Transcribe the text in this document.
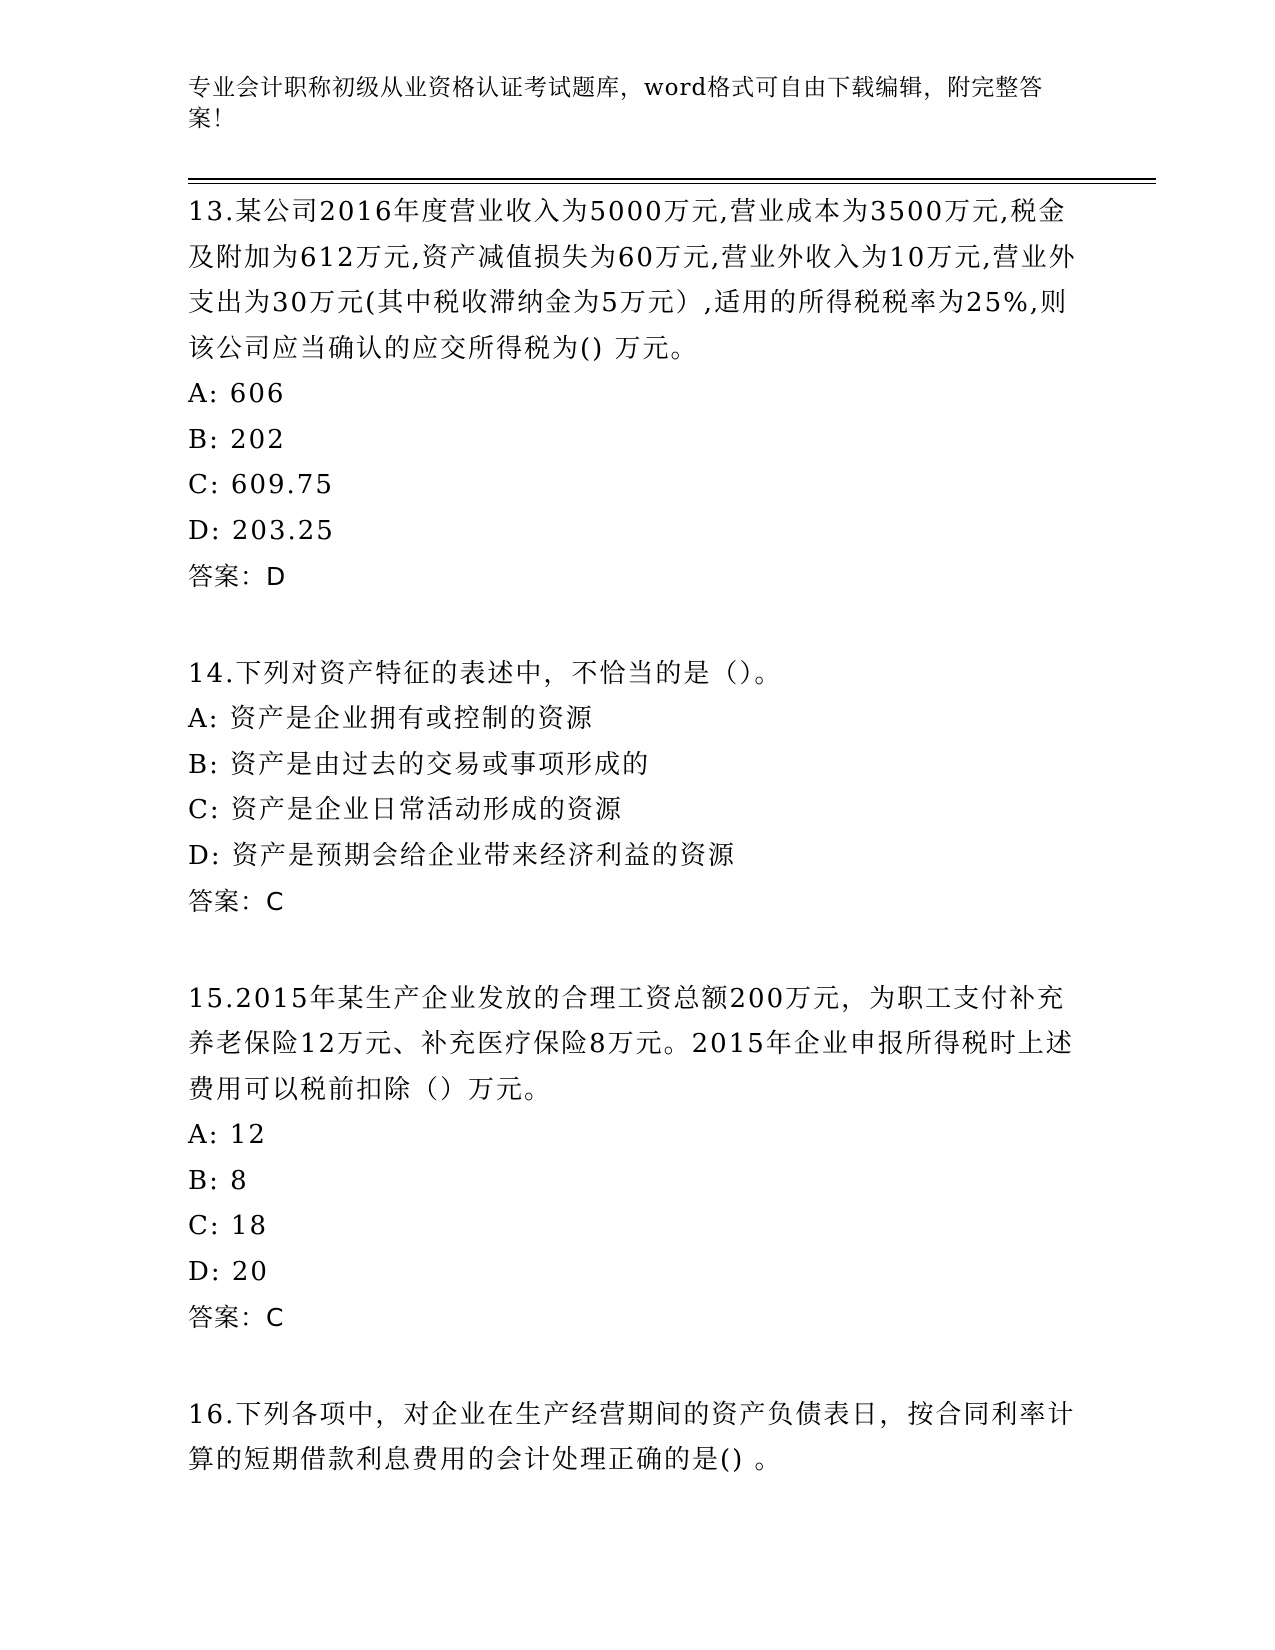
专业会计职称初级从业资格认证考试题库，word格式可自由下载编辑，附完整答案！

13.某公司2016年度营业收入为5000万元,营业成本为3500万元,税金及附加为612万元,资产减值损失为60万元,营业外收入为10万元,营业外支出为30万元(其中税收滞纳金为5万元）,适用的所得税税率为25%,则该公司应当确认的应交所得税为() 万元。

A: 606

B: 202

C: 609.75

D: 203.25

答案：D

14.下列对资产特征的表述中，不恰当的是（）。

A: 资产是企业拥有或控制的资源

B: 资产是由过去的交易或事项形成的

C: 资产是企业日常活动形成的资源

D: 资产是预期会给企业带来经济利益的资源

答案：C

15.2015年某生产企业发放的合理工资总额200万元，为职工支付补充养老保险12万元、补充医疗保险8万元。2015年企业申报所得税时上述费用可以税前扣除（）万元。

A: 12

B: 8

C: 18

D: 20

答案：C

16.下列各项中，对企业在生产经营期间的资产负债表日，按合同利率计算的短期借款利息费用的会计处理正确的是() 。
